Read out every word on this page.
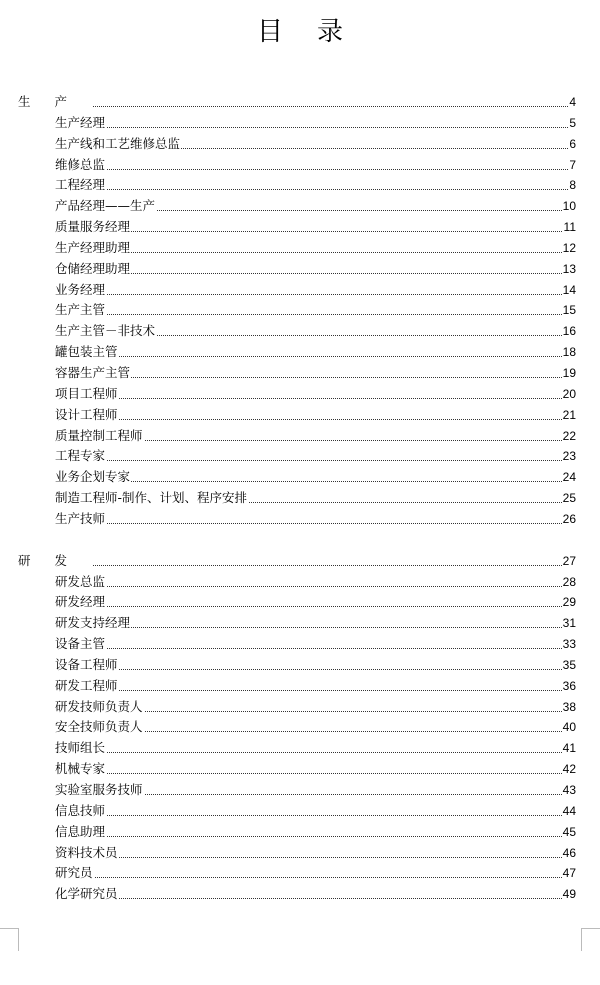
目录
生产	4
生产经理	5
生产线和工艺维修总监	6
维修总监	7
工程经理	8
产品经理——生产	10
质量服务经理	11
生产经理助理	12
仓储经理助理	13
业务经理	14
生产主管	15
生产主管－非技术	16
罐包装主管	18
容器生产主管	19
项目工程师	20
设计工程师	21
质量控制工程师	22
工程专家	23
业务企划专家	24
制造工程师-制作、计划、程序安排	25
生产技师	26
研发	27
研发总监	28
研发经理	29
研发支持经理	31
设备主管	33
设备工程师	35
研发工程师	36
研发技师负责人	38
安全技师负责人	40
技师组长	41
机械专家	42
实验室服务技师	43
信息技师	44
信息助理	45
资料技术员	46
研究员	47
化学研究员	49
